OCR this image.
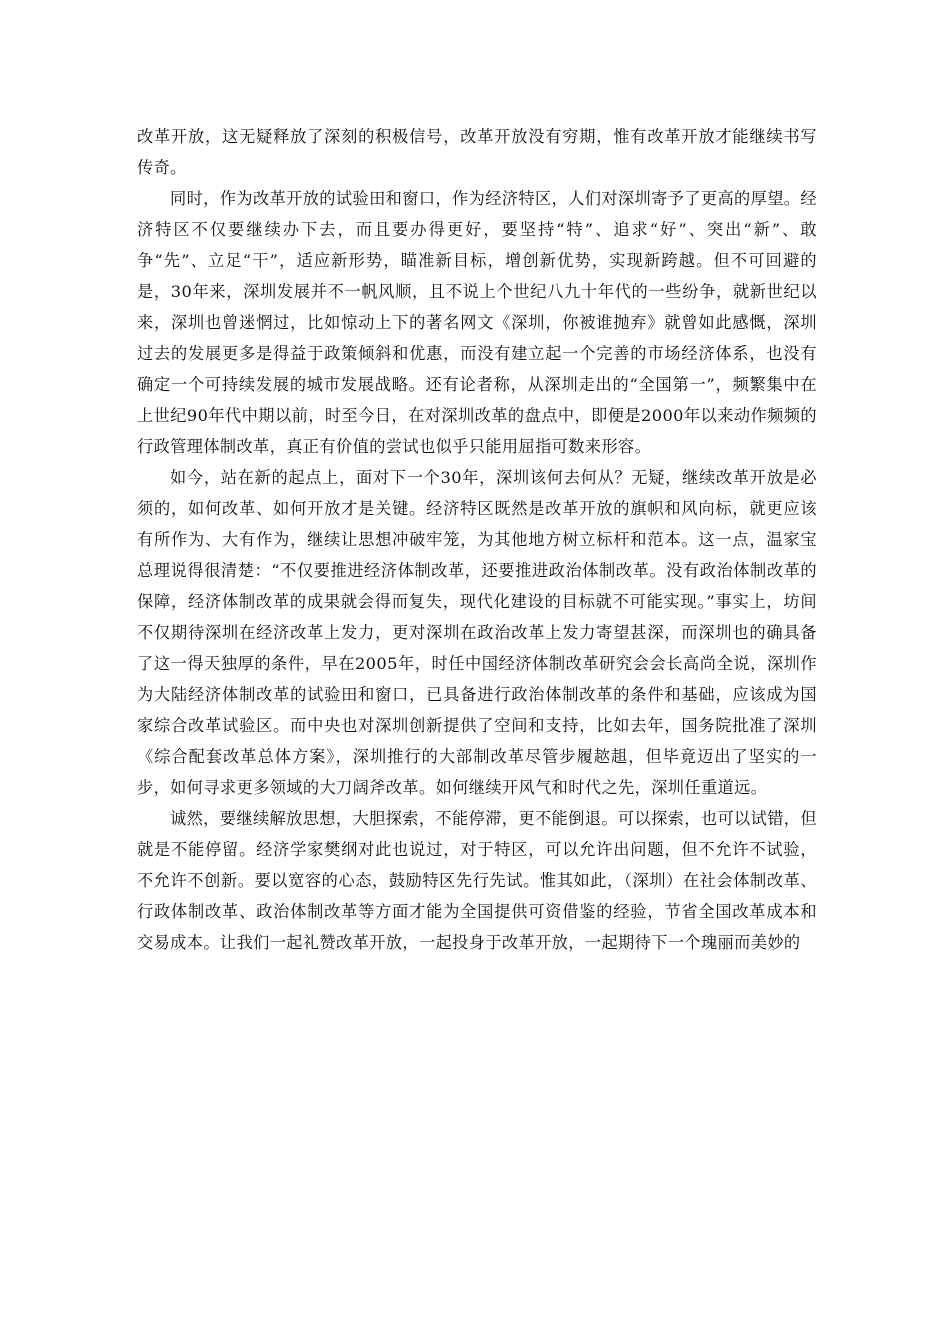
改革开放，这无疑释放了深刻的积极信号，改革开放没有穷期，惟有改革开放才能继续书写传奇。

同时，作为改革开放的试验田和窗口，作为经济特区，人们对深圳寄予了更高的厚望。经济特区不仅要继续办下去，而且要办得更好，要坚持“特”、追求“好”、突出“新”、敢争“先”、立足“干”，适应新形势，瞄准新目标，增创新优势，实现新跨越。但不可回避的是，30年来，深圳发展并不一帆风顺，且不说上个世纪八九十年代的一些纷争，就新世纪以来，深圳也曾迷惘过，比如惊动上下的著名网文《深圳，你被谁抛弃》就曾如此感慨，深圳过去的发展更多是得益于政策倾斜和优惠，而没有建立起一个完善的市场经济体系，也没有确定一个可持续发展的城市发展战略。还有论者称，从深圳走出的“全国第一”，频繁集中在上世纪90年代中期以前，时至今日，在对深圳改革的盘点中，即便是2000年以来动作频频的行政管理体制改革，真正有价值的尝试也似乎只能用屈指可数来形容。

如今，站在新的起点上，面对下一个30年，深圳该何去何从？无疑，继续改革开放是必须的，如何改革、如何开放才是关键。经济特区既然是改革开放的旗帜和风向标，就更应该有所作为、大有作为，继续让思想冲破牢笼，为其他地方树立标杆和范本。这一点，温家宝总理说得很清楚：“不仅要推进经济体制改革，还要推进政治体制改革。没有政治体制改革的保障，经济体制改革的成果就会得而复失，现代化建设的目标就不可能实现。”事实上，坊间不仅期待深圳在经济改革上发力，更对深圳在政治改革上发力寄望甚深，而深圳也的确具备了这一得天独厚的条件，早在2005年，时任中国经济体制改革研究会会长高尚全说，深圳作为大陆经济体制改革的试验田和窗口，已具备进行政治体制改革的条件和基础，应该成为国家综合改革试验区。而中央也对深圳创新提供了空间和支持，比如去年，国务院批准了深圳《综合配套改革总体方案》，深圳推行的大部制改革尽管步履趑趄，但毕竟迈出了坚实的一步，如何寻求更多领域的大刀阔斧改革。如何继续开风气和时代之先，深圳任重道远。

诚然，要继续解放思想，大胆探索，不能停滞，更不能倒退。可以探索，也可以试错，但就是不能停留。经济学家樊纲对此也说过，对于特区，可以允许出问题，但不允许不试验，不允许不创新。要以宽容的心态，鼓励特区先行先试。惟其如此，（深圳）在社会体制改革、行政体制改革、政治体制改革等方面才能为全国提供可资借鉴的经验，节省全国改革成本和交易成本。让我们一起礼赞改革开放，一起投身于改革开放，一起期待下一个瑰丽而美妙的
